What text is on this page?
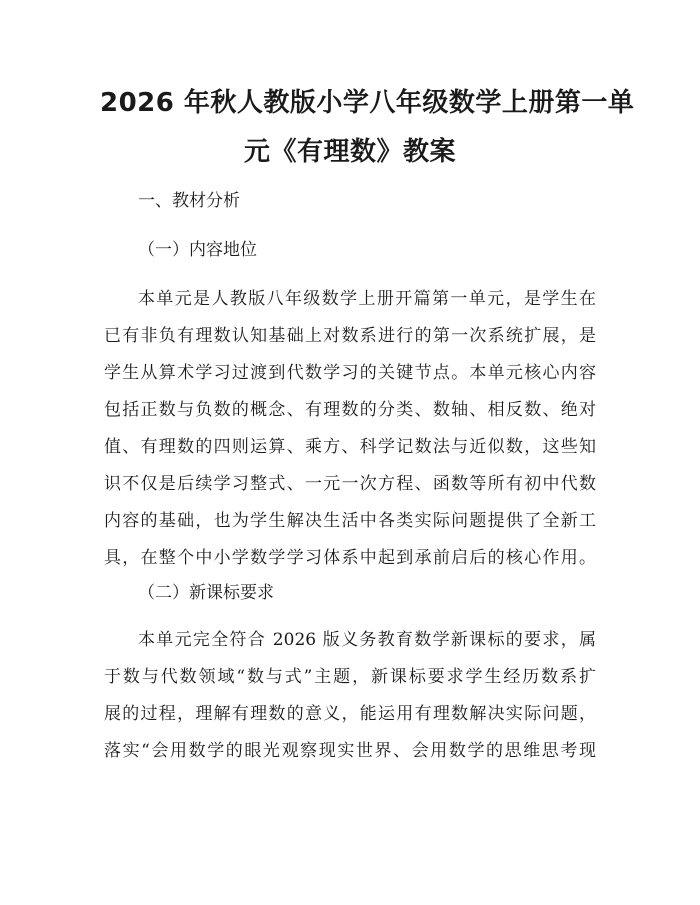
2026 年秋人教版小学八年级数学上册第一单
元《有理数》教案
一、教材分析
（一）内容地位
本单元是人教版八年级数学上册开篇第一单元，是学生在
已有非负有理数认知基础上对数系进行的第一次系统扩展，是
学生从算术学习过渡到代数学习的关键节点。本单元核心内容
包括正数与负数的概念、有理数的分类、数轴、相反数、绝对
值、有理数的四则运算、乘方、科学记数法与近似数，这些知
识不仅是后续学习整式、一元一次方程、函数等所有初中代数
内容的基础，也为学生解决生活中各类实际问题提供了全新工
具，在整个中小学数学学习体系中起到承前启后的核心作用。
（二）新课标要求
本单元完全符合 2026 版义务教育数学新课标的要求，属
于数与代数领域“数与式”主题，新课标要求学生经历数系扩
展的过程，理解有理数的意义，能运用有理数解决实际问题，
落实“会用数学的眼光观察现实世界、会用数学的思维思考现
